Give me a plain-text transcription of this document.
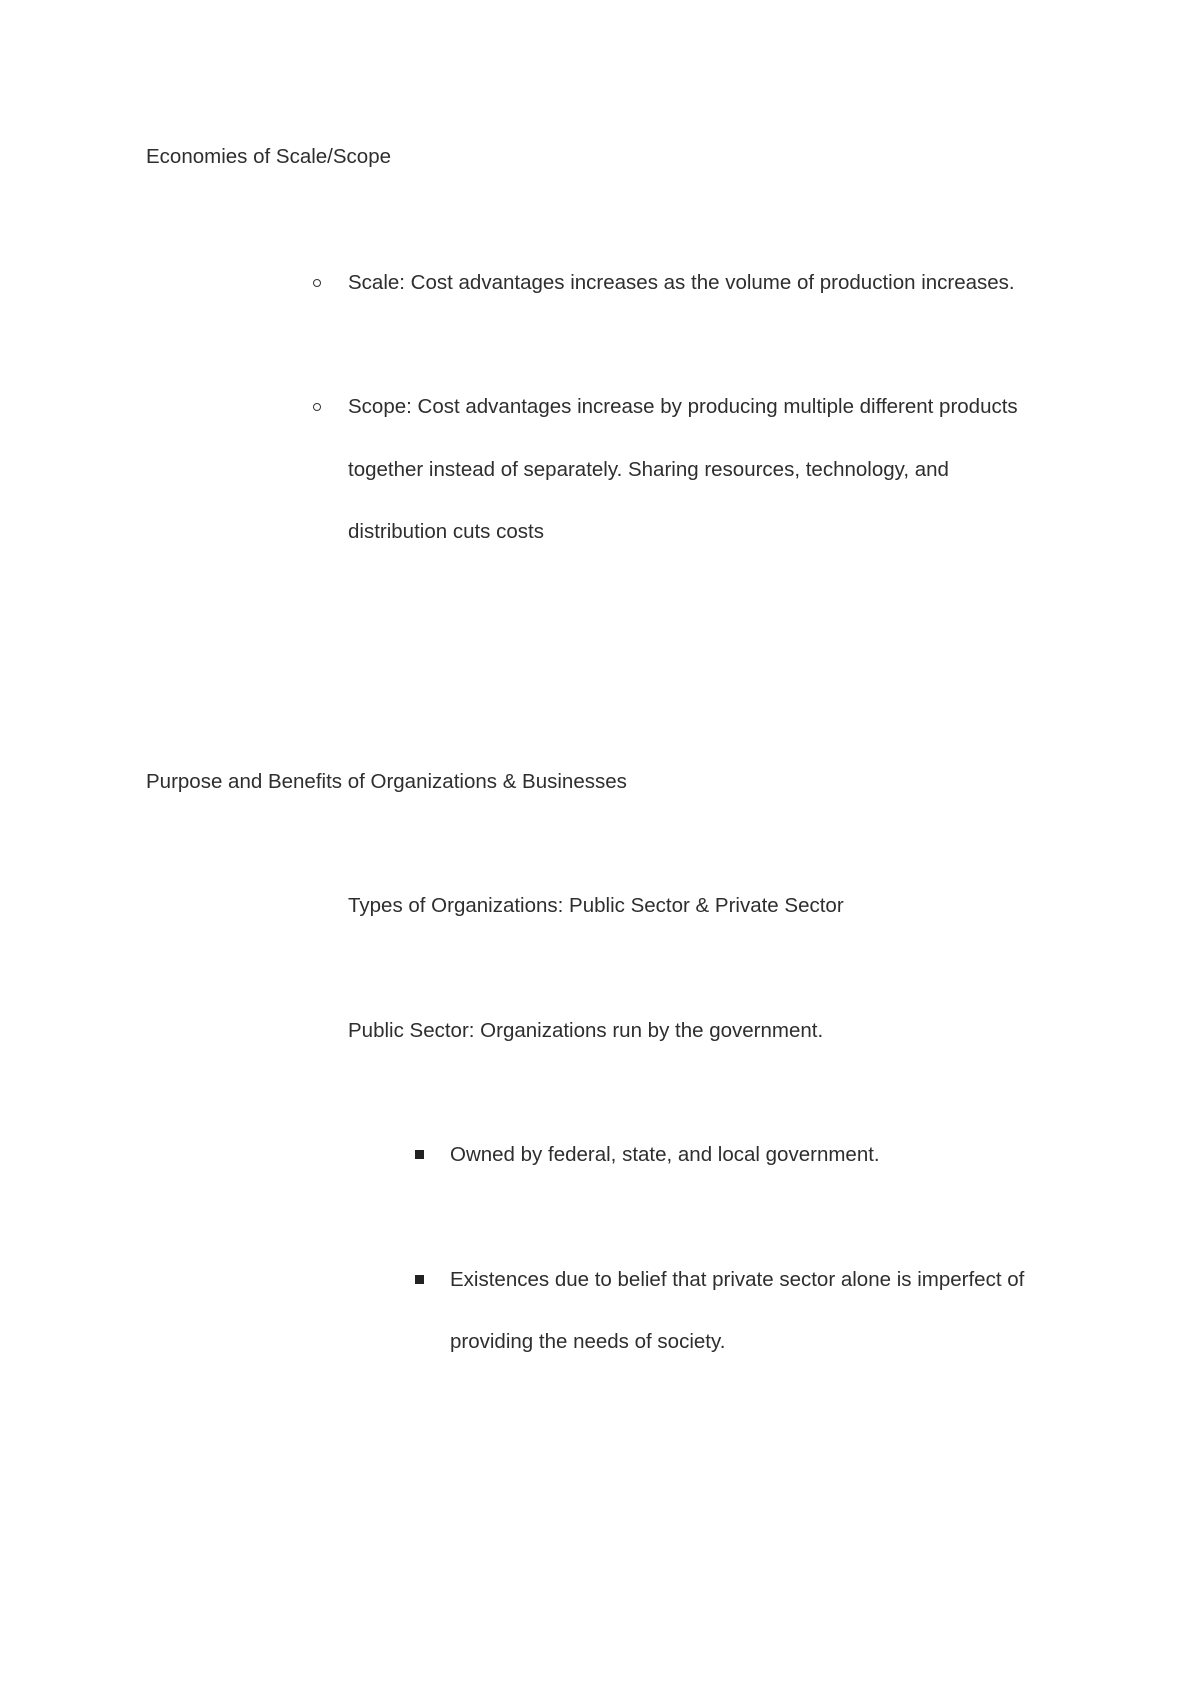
Economies of Scale/Scope
Scale: Cost advantages increases as the volume of production increases.
Scope: Cost advantages increase by producing multiple different products
together instead of separately. Sharing resources, technology, and
distribution cuts costs
Purpose and Benefits of Organizations & Businesses
Types of Organizations: Public Sector & Private Sector
Public Sector: Organizations run by the government.
Owned by federal, state, and local government.
Existences due to belief that private sector alone is imperfect of
providing the needs of society.
